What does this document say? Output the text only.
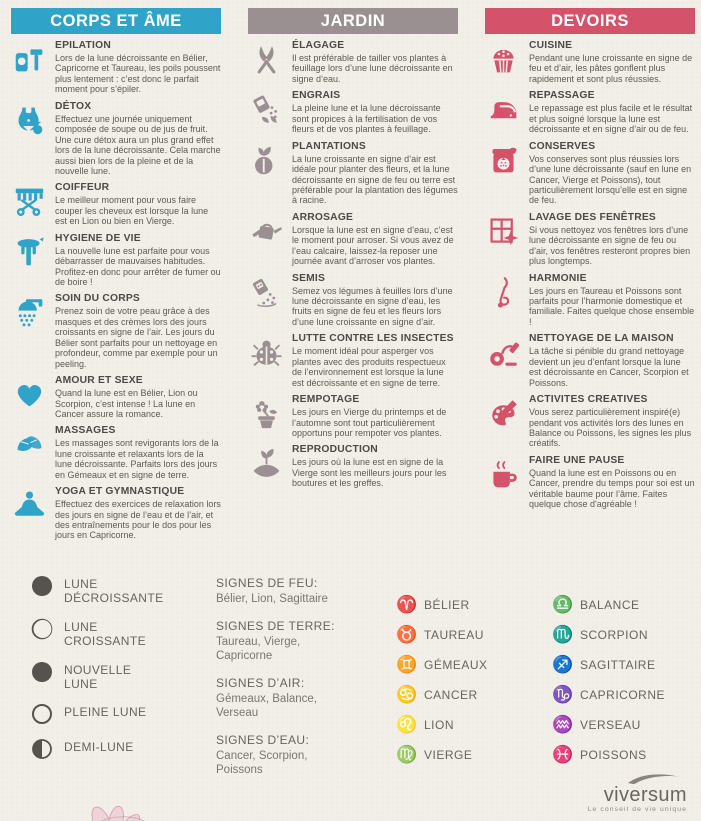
CORPS ET ÂME
EPILATION
Lors de la lune décroissante en Bélier, Capricorne et Taureau, les poils poussent plus lentement : c’est donc le parfait moment pour s’épiler.
DÉTOX
Effectuez une journée uniquement composée de soupe ou de jus de fruit. Une cure détox aura un plus grand effet lors de la lune décroissante. Cela marche aussi bien lors de la pleine et de la nouvelle lune.
COIFFEUR
Le meilleur moment pour vous faire couper les cheveux est lorsque la lune est en Lion ou bien en Vierge.
HYGIENE DE VIE
La nouvelle lune est parfaite pour vous débarrasser de mauvaises habitudes. Profitez-en donc pour arrêter de fumer ou de boire !
SOIN DU CORPS
Prenez soin de votre peau grâce à des masques et des crèmes lors des jours croissants en signe de l’air. Les jours du Bélier sont parfaits pour un nettoyage en profondeur, comme par exemple pour un peeling.
AMOUR ET SEXE
Quand la lune est en Bélier, Lion ou Scorpion, c’est intense ! La lune en Cancer assure la romance.
MASSAGES
Les massages sont revigorants lors de la lune croissante et relaxants lors de la lune décroissante. Parfaits lors des jours en Gémeaux et en signe de terre.
YOGA ET GYMNASTIQUE
Effectuez des exercices de relaxation lors des jours en signe de l’eau et de l’air, et des entraînements pour le dos pour les jours en Capricorne.
JARDIN
ÉLAGAGE
Il est préférable de tailler vos plantes à feuillage lors d’une lune décroissante en signe d’eau.
ENGRAIS
La pleine lune et la lune décroissante sont propices à la fertilisation de vos fleurs et de vos plantes à feuillage.
PLANTATIONS
La lune croissante en signe d’air est idéale pour planter des fleurs, et la lune décroissante en signe de feu ou terre est préférable pour la plantation des légumes à racine.
ARROSAGE
Lorsque la lune est en signe d’eau, c’est le moment pour arroser. Si vous avez de l’eau calcaire, laissez-la reposer une journée avant d’arroser vos plantes.
SEMIS
Semez vos légumes à feuilles lors d’une lune décroissante en signe d’eau, les fruits en signe de feu et les fleurs lors d’une lune croissante en signe d’air.
LUTTE CONTRE LES INSECTES
Le moment idéal pour asperger vos plantes avec des produits respectueux de l’environnement est lorsque la lune est décroissante et en signe de terre.
REMPOTAGE
Les jours en Vierge du printemps et de l’automne sont tout particulièrement opportuns pour rempoter vos plantes.
REPRODUCTION
Les jours où la lune est en signe de la Vierge sont les meilleurs jours pour les boutures et les greffes.
DEVOIRS
CUISINE
Pendant une lune croissante en signe de feu et d’air, les pâtes gonflent plus rapidement et sont plus réussies.
REPASSAGE
Le repassage est plus facile et le résultat et plus soigné lorsque la lune est décroissante et en signe d’air ou de feu.
CONSERVES
Vos conserves sont plus réussies lors d’une lune décroissante (sauf en lune en Cancer, Vierge et Poissons), tout particulièrement lorsqu’elle est en signe de feu.
LAVAGE DES FENÊTRES
Si vous nettoyez vos fenêtres lors d’une lune décroissante en signe de feu ou d’air, vos fenêtres resteront propres bien plus longtemps.
HARMONIE
Les jours en Taureau et Poissons sont parfaits pour l’harmonie domestique et familiale. Faites quelque chose ensemble !
NETTOYAGE DE LA MAISON
La tâche si pénible du grand nettoyage devient un jeu d’enfant lorsque la lune est décroissante en Cancer, Scorpion et Poissons.
ACTIVITES CREATIVES
Vous serez particulièrement inspiré(e) pendant vos activités lors des lunes en Balance ou Poissons, les signes les plus créatifs.
FAIRE UNE PAUSE
Quand la lune est en Poissons ou en Cancer, prendre du temps pour soi est un véritable baume pour l’âme. Faites quelque chose d'agréable !
LUNE DÉCROISSANTE
LUNE CROISSANTE
NOUVELLE LUNE
PLEINE LUNE
DEMI-LUNE
SIGNES DE FEU:
Bélier, Lion, Sagittaire
SIGNES DE TERRE:
Taureau, Vierge, Capricorne
SIGNES D’AIR:
Gémeaux, Balance, Verseau
SIGNES D’EAU:
Cancer, Scorpion, Poissons
♈ BÉLIER
♉ TAUREAU
♊ GÉMEAUX
♋ CANCER
♌ LION
♍ VIERGE
♎ BALANCE
♏ SCORPION
♐ SAGITTAIRE
♑ CAPRICORNE
♒ VERSEAU
♓ POISSONS
viversum
Le conseil de vie unique
